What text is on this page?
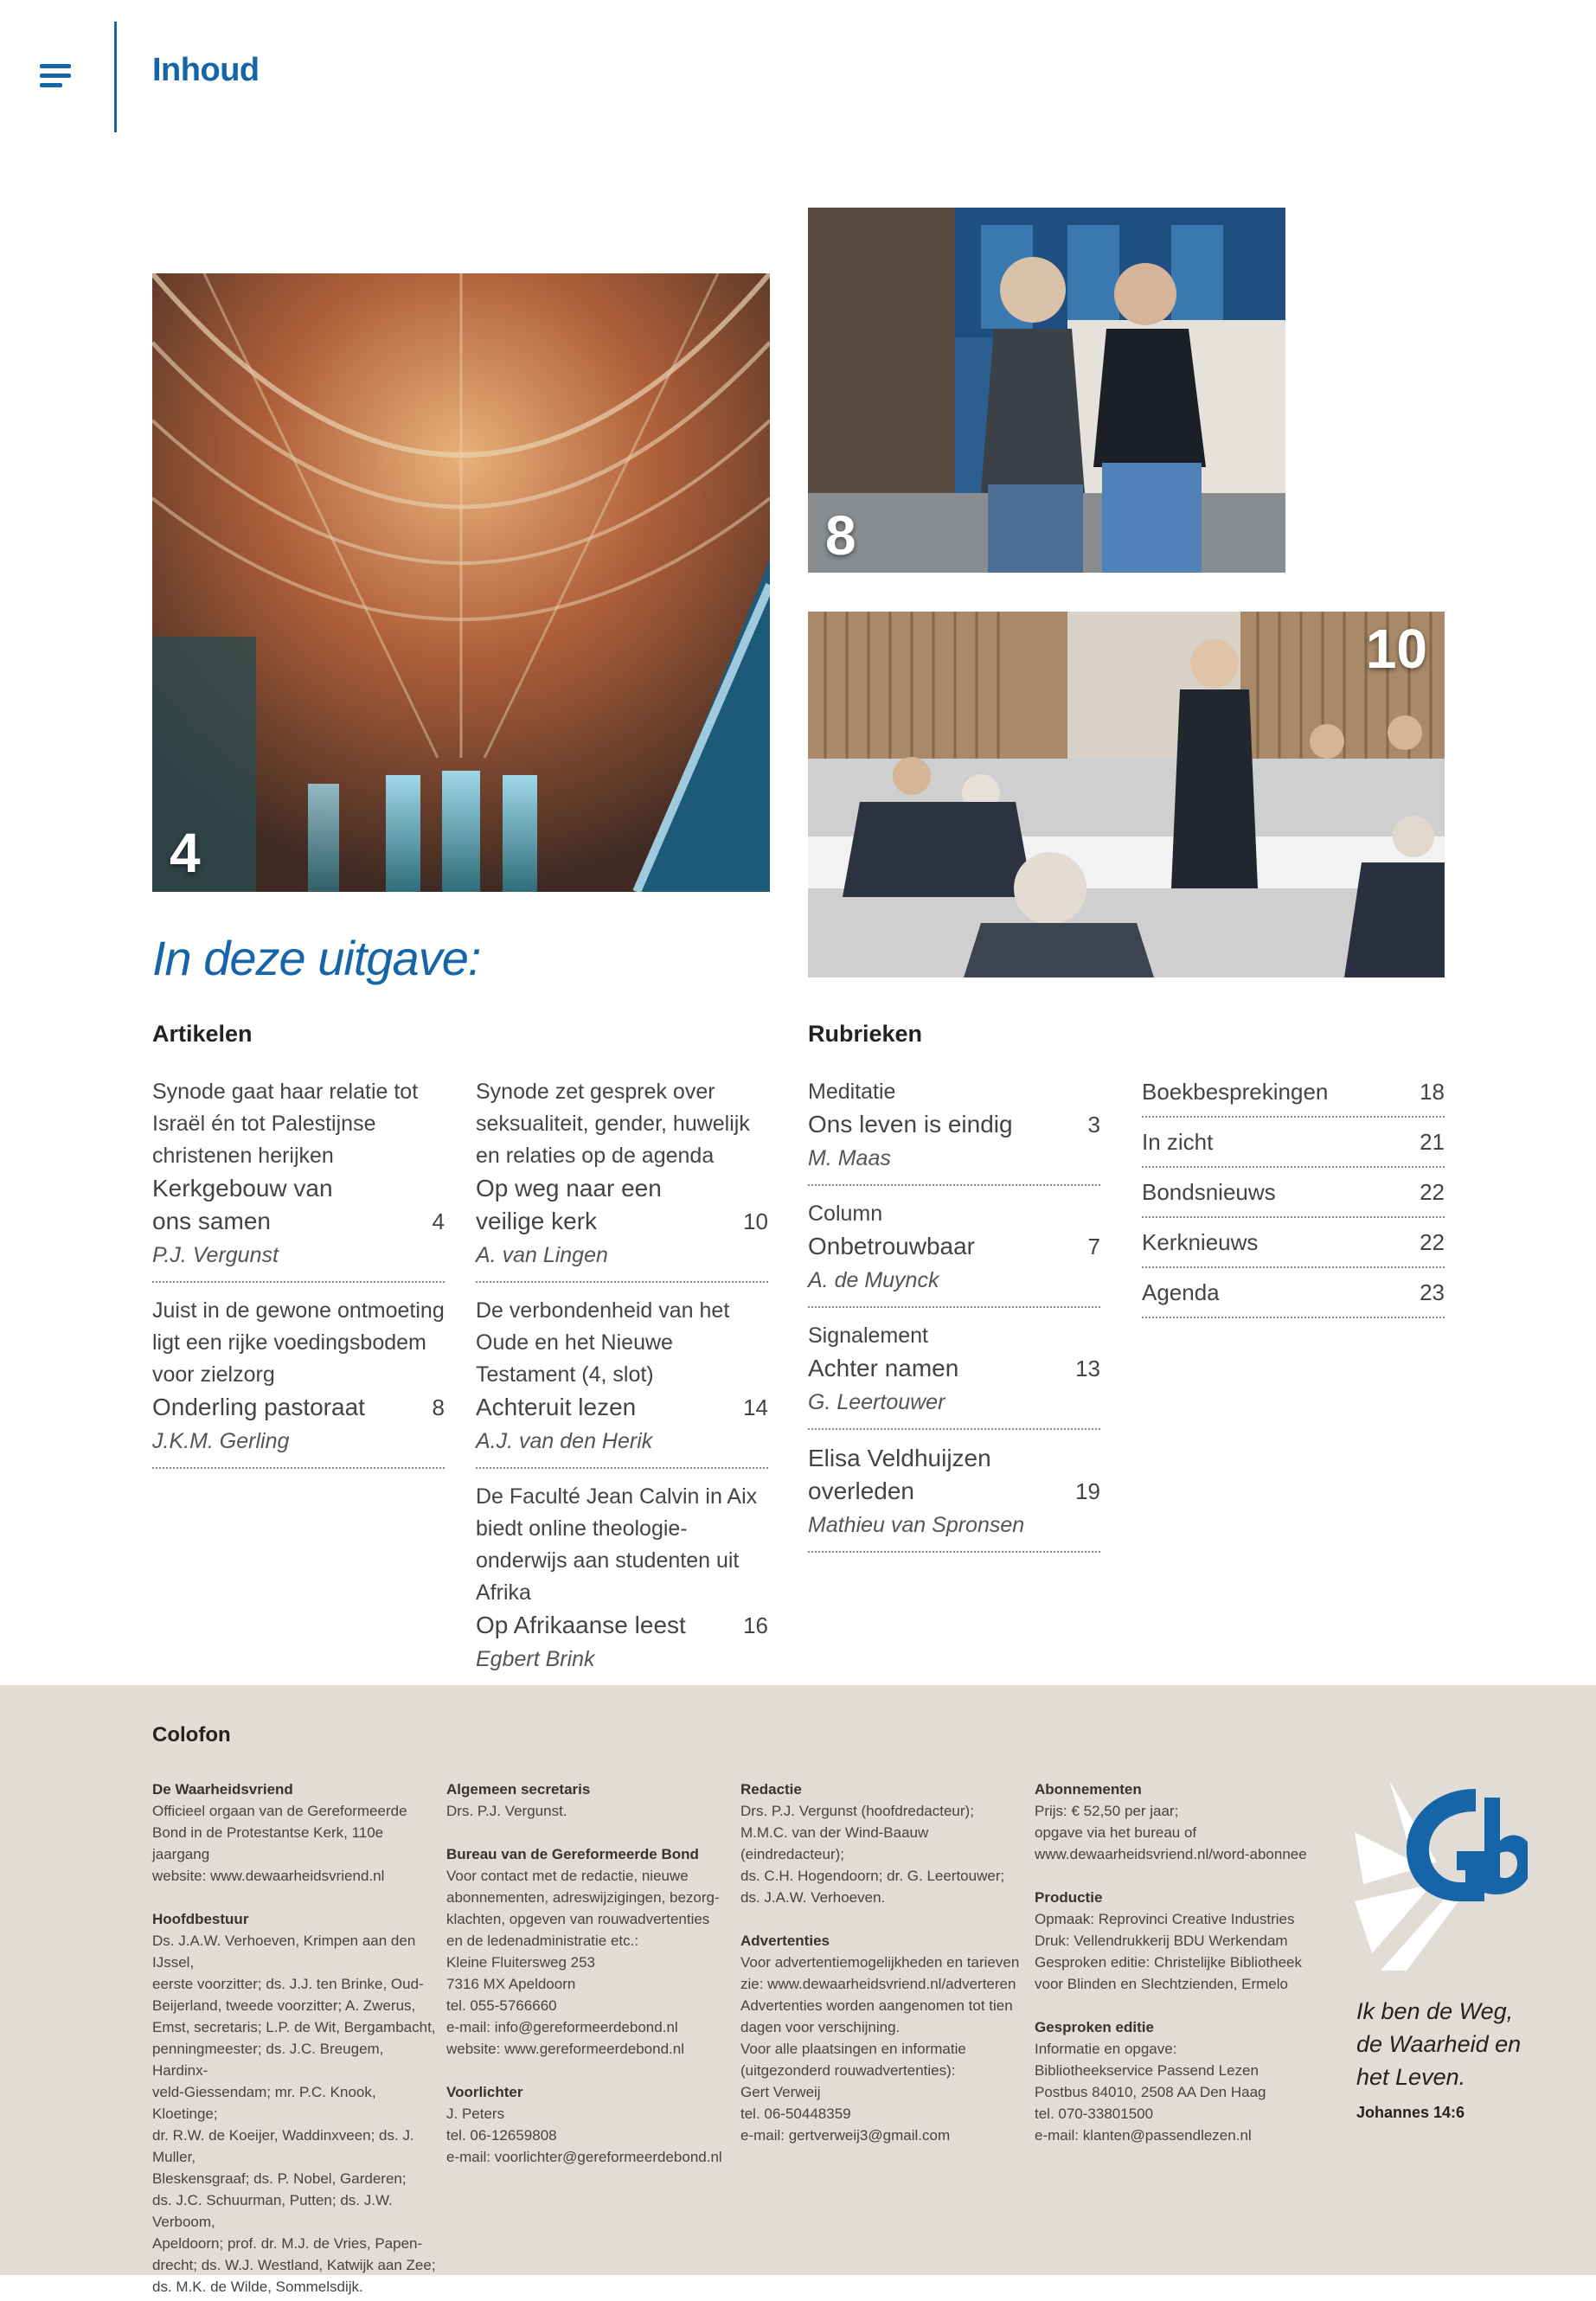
Inhoud
4
8
10
In deze uitgave:
Artikelen	Rubrieken
Synode gaat haar relatie tot Israël én tot Palestijnse christenen herijken
Kerkgebouw van ons samen	4
P.J. Vergunst
Juist in de gewone ontmoeting ligt een rijke voedingsbodem voor zielzorg
Onderling pastoraat	8
J.K.M. Gerling
Synode zet gesprek over seksualiteit, gender, huwelijk en relaties op de agenda
Op weg naar een veilige kerk	10
A. van Lingen
De verbondenheid van het Oude en het Nieuwe Testament (4, slot)
Achteruit lezen	14
A.J. van den Herik
De Faculté Jean Calvin in Aix biedt online theologie-onderwijs aan studenten uit Afrika
Op Afrikaanse leest	16
Egbert Brink
Meditatie
Ons leven is eindig	3
M. Maas
Column
Onbetrouwbaar	7
A. de Muynck
Signalement
Achter namen	13
G. Leertouwer
Elisa Veldhuijzen overleden	19
Mathieu van Spronsen
Boekbesprekingen	18
In zicht	21
Bondsnieuws	22
Kerknieuws	22
Agenda	23
Colofon
De Waarheidsvriend
Officieel orgaan van de Gereformeerde
Bond in de Protestantse Kerk, 110e jaargang
website: www.dewaarheidsvriend.nl
Hoofdbestuur
Ds. J.A.W. Verhoeven, Krimpen aan den IJssel,
eerste voorzitter; ds. J.J. ten Brinke, Oud-
Beijerland, tweede voorzitter; A. Zwerus,
Emst, secretaris; L.P. de Wit, Bergambacht,
penningmeester; ds. J.C. Breugem, Hardinx-
veld-Giessendam; mr. P.C. Knook, Kloetinge;
dr. R.W. de Koeijer, Waddinxveen; ds. J. Muller,
Bleskensgraaf; ds. P. Nobel, Garderen;
ds. J.C. Schuurman, Putten; ds. J.W. Verboom,
Apeldoorn; prof. dr. M.J. de Vries, Papen-
drecht; ds. W.J. Westland, Katwijk aan Zee;
ds. M.K. de Wilde, Sommelsdijk.
Algemeen secretaris
Drs. P.J. Vergunst.
Bureau van de Gereformeerde Bond
Voor contact met de redactie, nieuwe
abonnementen, adreswijzigingen, bezorg-
klachten, opgeven van rouwadvertenties
en de ledenadministratie etc.:
Kleine Fluitersweg 253
7316 MX Apeldoorn
tel. 055-5766660
e-mail: info@gereformeerdebond.nl
website: www.gereformeerdebond.nl
Voorlichter
J. Peters
tel. 06-12659808
e-mail: voorlichter@gereformeerdebond.nl
Redactie
Drs. P.J. Vergunst (hoofdredacteur);
M.M.C. van der Wind-Baauw (eindredacteur);
ds. C.H. Hogendoorn; dr. G. Leertouwer;
ds. J.A.W. Verhoeven.
Advertenties
Voor advertentiemogelijkheden en tarieven
zie: www.dewaarheidsvriend.nl/adverteren
Advertenties worden aangenomen tot tien
dagen voor verschijning.
Voor alle plaatsingen en informatie
(uitgezonderd rouwadvertenties):
Gert Verweij
tel. 06-50448359
e-mail: gertverweij3@gmail.com
Abonnementen
Prijs: € 52,50 per jaar;
opgave via het bureau of
www.dewaarheidsvriend.nl/word-abonnee
Productie
Opmaak: Reprovinci Creative Industries
Druk: Vellendrukkerij BDU Werkendam
Gesproken editie: Christelijke Bibliotheek
voor Blinden en Slechtzienden, Ermelo
Gesproken editie
Informatie en opgave:
Bibliotheekservice Passend Lezen
Postbus 84010, 2508 AA Den Haag
tel. 070-33801500
e-mail: klanten@passendlezen.nl
Ik ben de Weg, de Waarheid en het Leven.
Johannes 14:6
